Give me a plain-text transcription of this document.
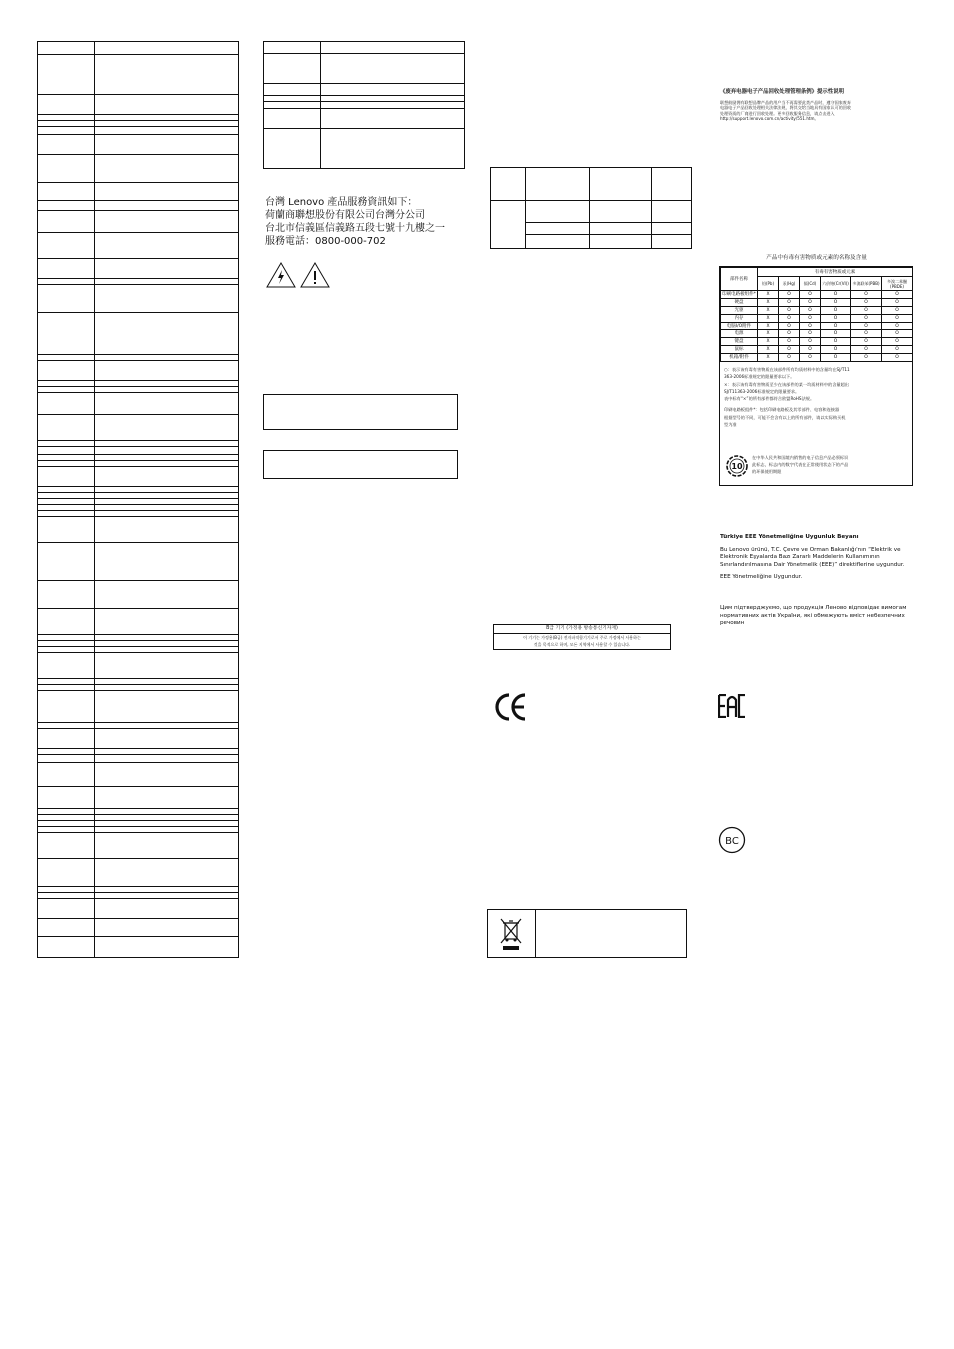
台灣 Lenovo 產品服務資訊如下：
荷蘭商聯想股份有限公司台灣分公司
台北市信義區信義路五段七號十九樓之一
服務電話：0800-000-702

B급 기기 (가정용 방송통신기자재)
이 기기는 가정용(B급) 전자파적합기기로서 주로 가정에서 사용하는
것을 목적으로 하며, 모든 지역에서 사용할 수 있습니다.
《废弃电器电子产品回收处理管理条例》提示性说明
联想鼓励拥有联想品牌产品的用户当不再需要此类产品时，遵守国家废弃
电器电子产品回收处理相关法律法规，将其交给当地具有国家认可的回收
处理资质的厂商进行回收处理。更多回收服务信息，请点击进入
http://support.lenovo.com.cn/activity/551.htm。
产品中有毒有害物质或元素的名称及含量
部件名称	有毒有害物质或元素					
	铅(Pb)	汞(Hg)	镉(Cd)	六价铬(Cr(VI))	多溴联苯(PBB)	多溴二苯醚(PBDE)
印刷电路板组件*	X	O	O	O	O	O
硬盘	X	O	O	O	O	O
光驱	X	O	O	O	O	O
内存	X	O	O	O	O	O
电脑I/O附件	X	O	O	O	O	O
电源	X	O	O	O	O	O
键盘	X	O	O	O	O	O
鼠标	X	O	O	O	O	O
机箱/附件	X	O	O	O	O	O
○：表示该有毒有害物质在该部件所有均质材料中的含量均在SJ/T11
363-2006标准规定的限量要求以下。
×：表示该有毒有害物质至少在该部件的某一均质材料中的含量超出
SJ/T11363-2006标准规定的限量要求。
表中标有“×”的所有部件都符合欧盟RoHS法规。
印刷电路板组件*：包括印刷电路板及其零部件、电容和连接器
根据型号的不同，可能不会含有以上的所有部件，请以实际购买机
型为准
10
在中华人民共和国境内销售的电子信息产品必须标识
此标志，标志内的数字代表在正常使用状态下的产品
的环保使用期限
Türkiye EEE Yönetmeliğine Uygunluk Beyanı
Bu Lenovo ürünü, T.C. Çevre ve Orman Bakanlığı'nın “Elektrik ve
Elektronik Eşyalarda Bazı Zararlı Maddelerin Kullanımının
Sınırlandırılmasına Dair Yönetmelik (EEE)” direktiflerine uygundur.
EEE Yönetmeliğine Uygundur.
Цим підтверджуємо, що продукція Леново відповідає вимогам
нормативних актів України, які обмежують вміст небезпечних
речовин
BC
